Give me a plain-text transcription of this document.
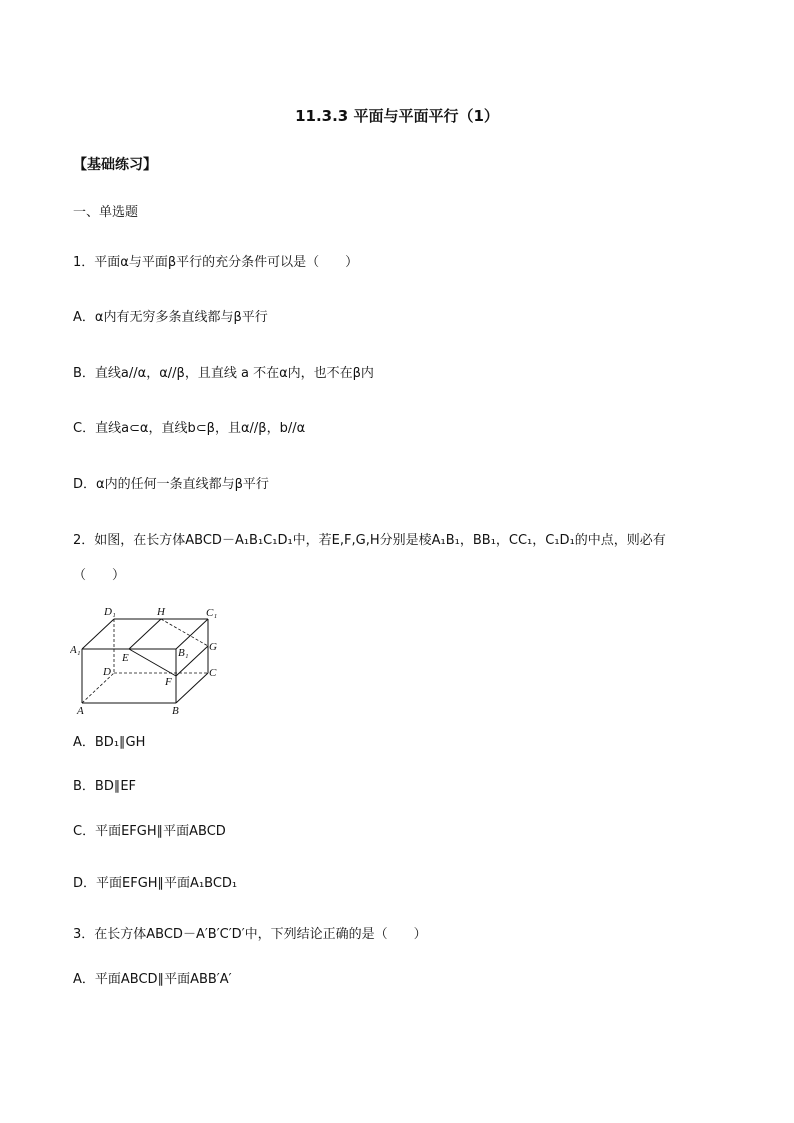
11.3.3 平面与平面平行（1）
【基础练习】
一、单选题
1．平面α与平面β平行的充分条件可以是（　　）
A．α内有无穷多条直线都与β平行
B．直线a//α，α//β，且直线 a 不在α内，也不在β内
C．直线a⊂α，直线b⊂β，且α//β，b//α
D．α内的任何一条直线都与β平行
2．如图，在长方体ABCD－A₁B₁C₁D₁中，若E,F,G,H分别是棱A₁B₁，BB₁，CC₁，C₁D₁的中点，则必有
（　　）
D₁	H	C₁
A₁
E	B₁ G
D	C
F
A	B
A．BD₁∥GH
B．BD∥EF
C．平面EFGH∥平面ABCD
D．平面EFGH∥平面A₁BCD₁
3．在长方体ABCD－A′B′C′D′中，下列结论正确的是（　　）
A．平面ABCD∥平面ABB′A′
